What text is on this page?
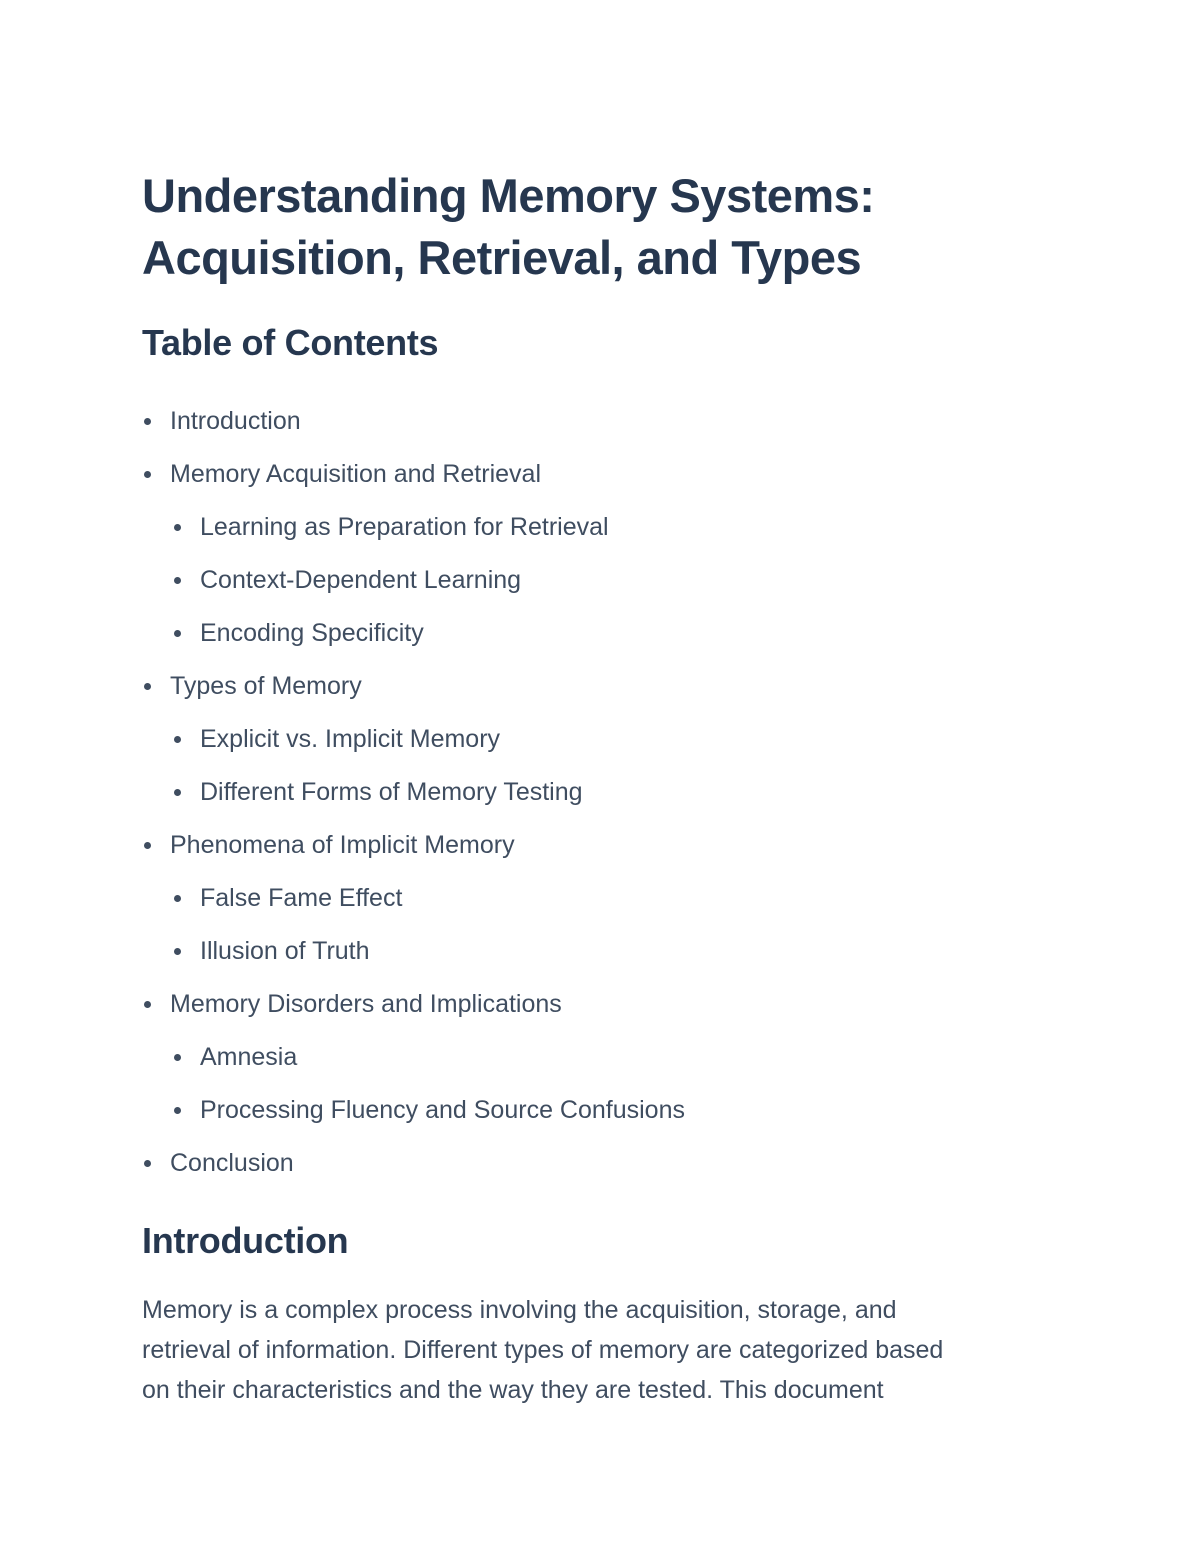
Understanding Memory Systems:
Acquisition, Retrieval, and Types
Table of Contents
Introduction
Memory Acquisition and Retrieval
Learning as Preparation for Retrieval
Context-Dependent Learning
Encoding Specificity
Types of Memory
Explicit vs. Implicit Memory
Different Forms of Memory Testing
Phenomena of Implicit Memory
False Fame Effect
Illusion of Truth
Memory Disorders and Implications
Amnesia
Processing Fluency and Source Confusions
Conclusion
Introduction

Memory is a complex process involving the acquisition, storage, and
retrieval of information. Different types of memory are categorized based
on their characteristics and the way they are tested. This document
